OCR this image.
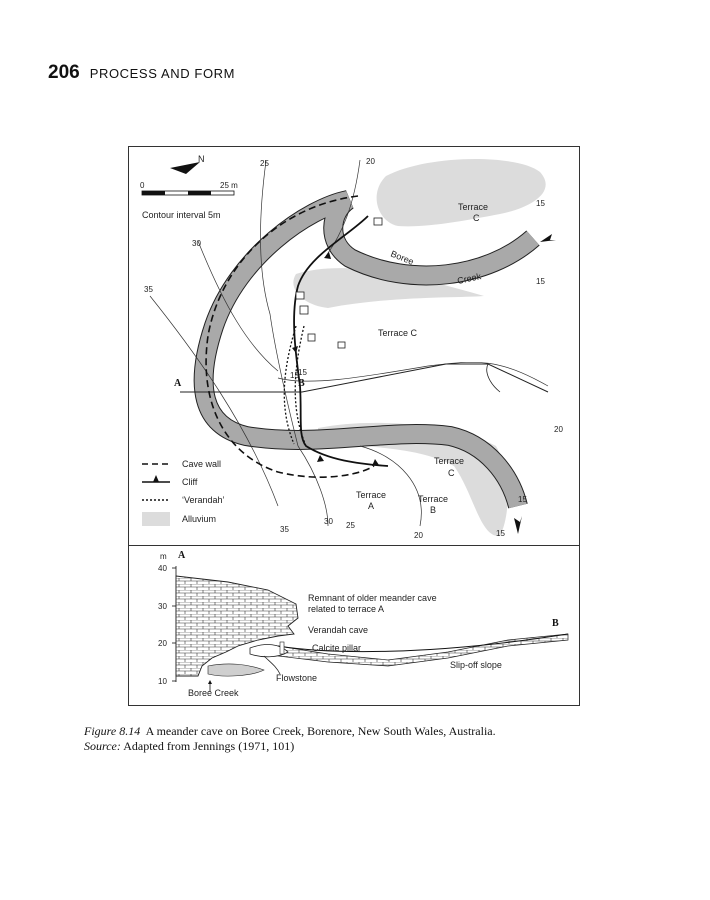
206 PROCESS AND FORM
N
0	25 m
Contour interval 5m
35
30
25	20
15
15
15
20
15
35
30 25
20	15
15
Terrace
C
Terrace C
Terrace
C
Terrace
A
Terrace
B
Boree
Creek
A	B
Cave wall
Cliff
‘Verandah’
Alluvium
m
40
30
20
10
A
B
Remnant of older meander cave
related to terrace A
Verandah cave
Calcite pillar
Flowstone
Slip-off slope
Boree Creek
Figure 8.14 A meander cave on Boree Creek, Borenore, New South Wales, Australia.
Source: Adapted from Jennings (1971, 101)
